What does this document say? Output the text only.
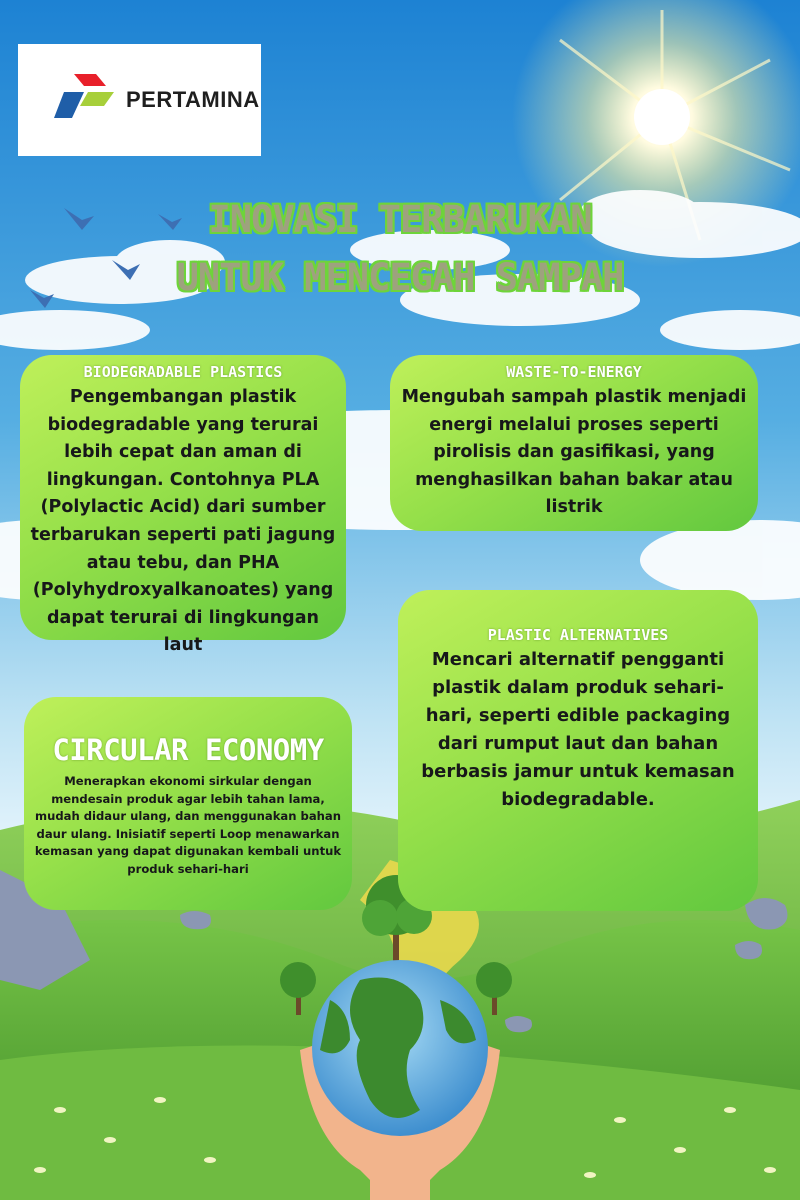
PERTAMINA
INOVASI TERBARUKAN
UNTUK MENCEGAH SAMPAH

BIODEGRADABLE PLASTICS

Pengembangan plastik biodegradable yang terurai lebih cepat dan aman di lingkungan. Contohnya PLA (Polylactic Acid) dari sumber terbarukan seperti pati jagung atau tebu, dan PHA (Polyhydroxyalkanoates) yang dapat terurai di lingkungan laut

WASTE-TO-ENERGY

Mengubah sampah plastik menjadi energi melalui proses seperti pirolisis dan gasifikasi, yang menghasilkan bahan bakar atau listrik

PLASTIC ALTERNATIVES

Mencari alternatif pengganti plastik dalam produk sehari-hari, seperti edible packaging dari rumput laut dan bahan berbasis jamur untuk kemasan biodegradable.

CIRCULAR ECONOMY

Menerapkan ekonomi sirkular dengan mendesain produk agar lebih tahan lama, mudah didaur ulang, dan menggunakan bahan daur ulang. Inisiatif seperti Loop menawarkan kemasan yang dapat digunakan kembali untuk produk sehari-hari
